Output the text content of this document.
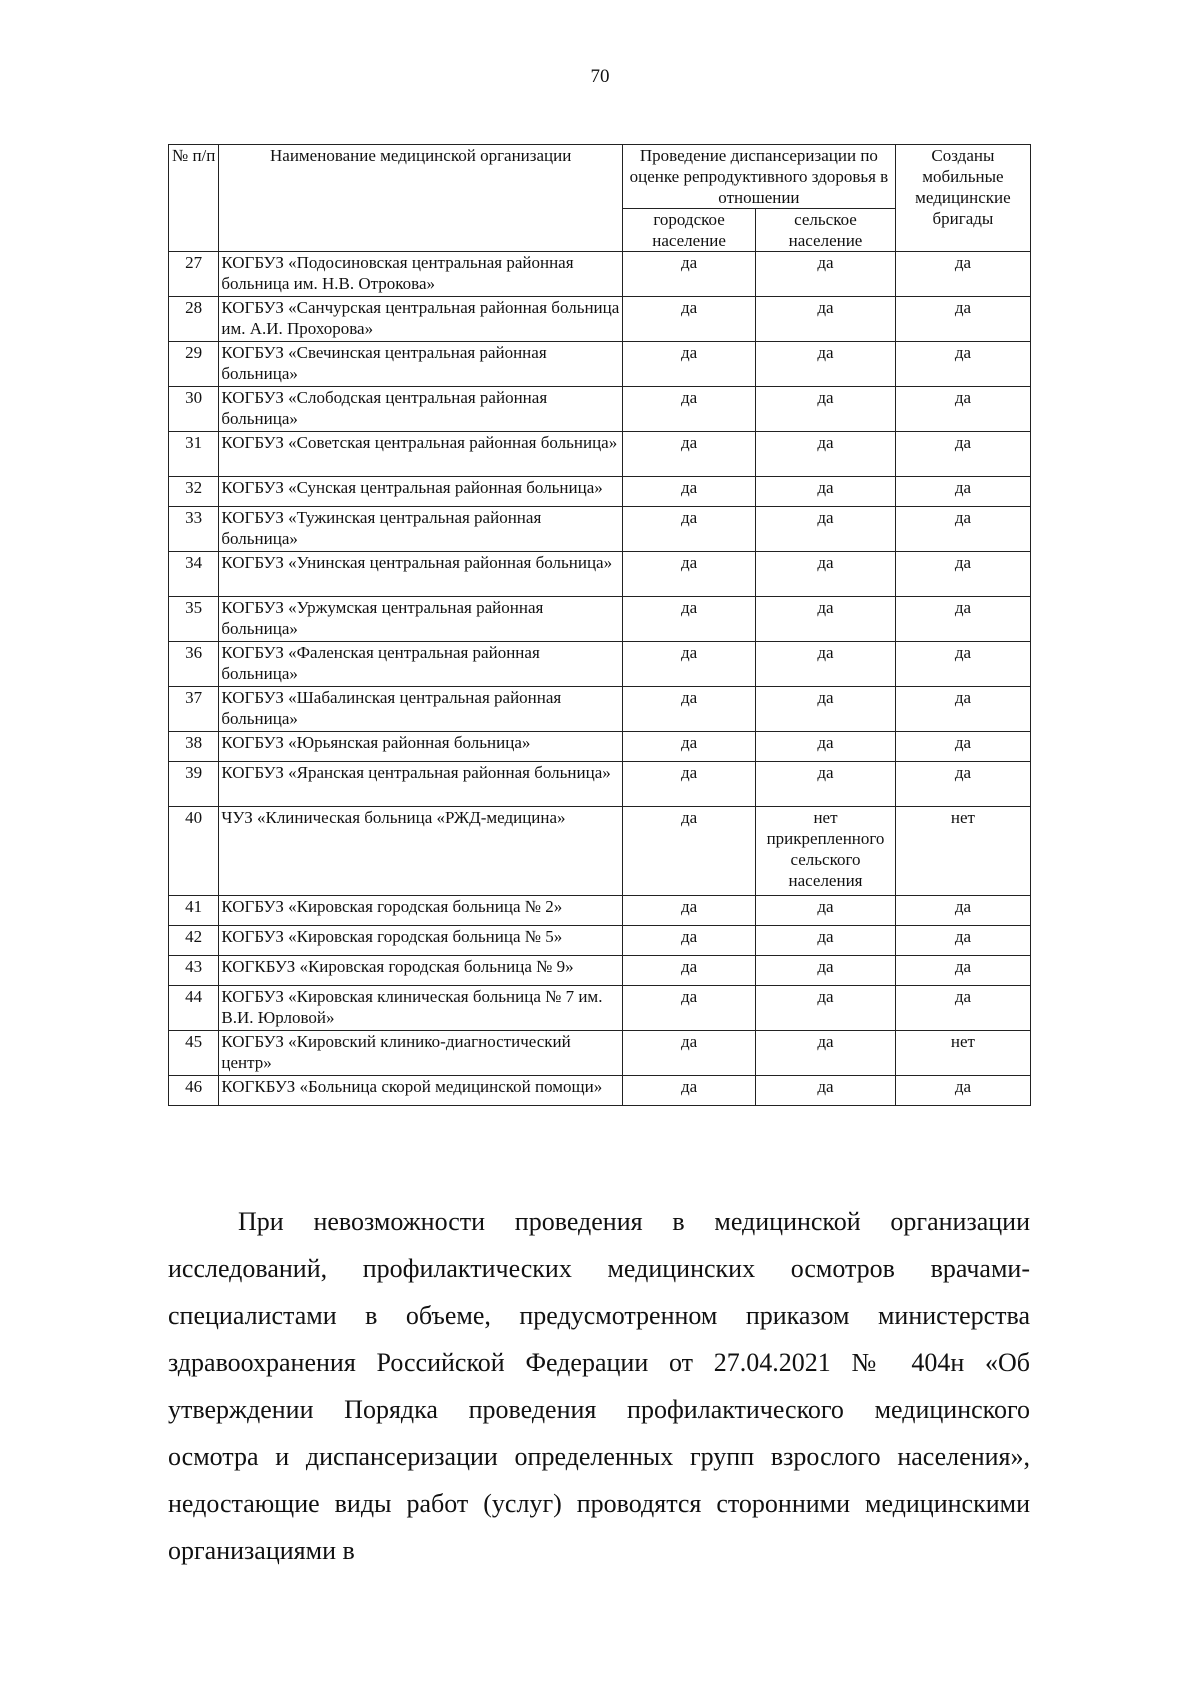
70
№ п/п	Наименование медицинской организации	Проведение диспансеризации по оценке репродуктивного здоровья в отношении		Созданы мобильные медицинские бригады
		городское население	сельское население	
27	КОГБУЗ «Подосиновская центральная районная больница им. Н.В. Отрокова»	да	да	да
28	КОГБУЗ «Санчурская центральная районная больница им. А.И. Прохорова»	да	да	да
29	КОГБУЗ «Свечинская центральная районная больница»	да	да	да
30	КОГБУЗ «Слободская центральная районная больница»	да	да	да
31	КОГБУЗ «Советская центральная районная больница»	да	да	да
32	КОГБУЗ «Сунская центральная районная больница»	да	да	да
33	КОГБУЗ «Тужинская центральная районная больница»	да	да	да
34	КОГБУЗ «Унинская центральная районная больница»	да	да	да
35	КОГБУЗ «Уржумская центральная районная больница»	да	да	да
36	КОГБУЗ «Фаленская центральная районная больница»	да	да	да
37	КОГБУЗ «Шабалинская центральная районная больница»	да	да	да
38	КОГБУЗ «Юрьянская районная больница»	да	да	да
39	КОГБУЗ «Яранская центральная районная больница»	да	да	да
40	ЧУЗ «Клиническая больница «РЖД-медицина»	да	нет прикрепленного сельского населения	нет
41	КОГБУЗ «Кировская городская больница № 2»	да	да	да
42	КОГБУЗ «Кировская городская больница № 5»	да	да	да
43	КОГКБУЗ «Кировская городская больница № 9»	да	да	да
44	КОГБУЗ «Кировская клиническая больница № 7 им. В.И. Юрловой»	да	да	да
45	КОГБУЗ «Кировский клинико-диагностический центр»	да	да	нет
46	КОГКБУЗ «Больница скорой медицинской помощи»	да	да	да

При невозможности проведения в медицинской организации исследований, профилактических медицинских осмотров врачами-специалистами в объеме, предусмотренном приказом министерства здравоохранения Российской Федерации от 27.04.2021 № 404н «Об утверждении Порядка проведения профилактического медицинского осмотра и диспансеризации определенных групп взрослого населения», недостающие виды работ (услуг) проводятся сторонними медицинскими организациями в
